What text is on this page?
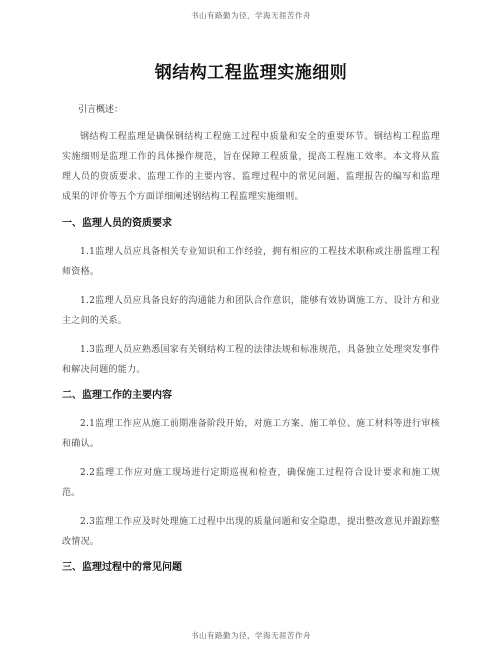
书山有路勤为径，学海无涯苦作舟
钢结构工程监理实施细则

引言概述：

钢结构工程监理是确保钢结构工程施工过程中质量和安全的重要环节。钢结构工程监理实施细则是监理工作的具体操作规范，旨在保障工程质量，提高工程施工效率。本文将从监理人员的资质要求、监理工作的主要内容、监理过程中的常见问题、监理报告的编写和监理成果的评价等五个方面详细阐述钢结构工程监理实施细则。

一、监理人员的资质要求

1.1监理人员应具备相关专业知识和工作经验，拥有相应的工程技术职称或注册监理工程师资格。

1.2监理人员应具备良好的沟通能力和团队合作意识，能够有效协调施工方、设计方和业主之间的关系。

1.3监理人员应熟悉国家有关钢结构工程的法律法规和标准规范，具备独立处理突发事件和解决问题的能力。

二、监理工作的主要内容

2.1监理工作应从施工前期准备阶段开始，对施工方案、施工单位、施工材料等进行审核和确认。

2.2监理工作应对施工现场进行定期巡视和检查，确保施工过程符合设计要求和施工规范。

2.3监理工作应及时处理施工过程中出现的质量问题和安全隐患，提出整改意见并跟踪整改情况。

三、监理过程中的常见问题
书山有路勤为径，学海无涯苦作舟
